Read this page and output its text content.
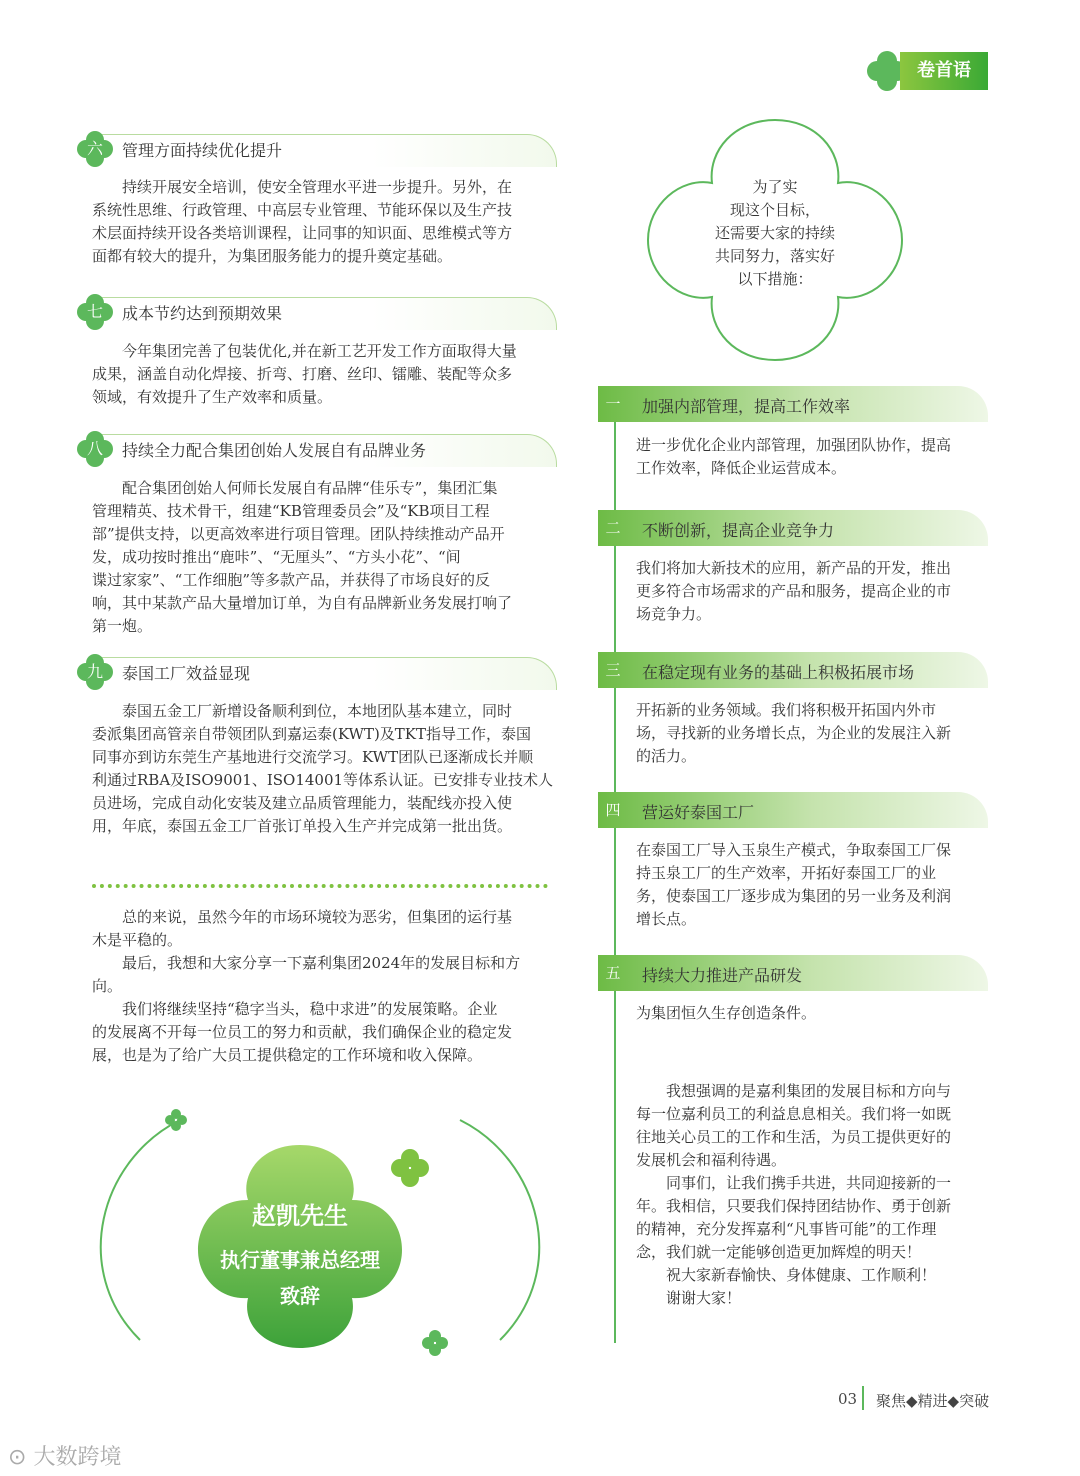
卷首语
六	管理方面持续优化提升
持续开展安全培训，使安全管理水平进一步提升。另外，在
系统性思维、行政管理、中高层专业管理、节能环保以及生产技
术层面持续开设各类培训课程，让同事的知识面、思维模式等方
面都有较大的提升，为集团服务能力的提升奠定基础。
七	成本节约达到预期效果
今年集团完善了包装优化,并在新工艺开发工作方面取得大量
成果，涵盖自动化焊接、折弯、打磨、丝印、镭雕、装配等众多
领域，有效提升了生产效率和质量。
八	持续全力配合集团创始人发展自有品牌业务
配合集团创始人何师长发展自有品牌“佳乐专”，集团汇集
管理精英、技术骨干，组建“KB管理委员会”及“KB项目工程
部”提供支持，以更高效率进行项目管理。团队持续推动产品开
发，成功按时推出“鹿咔”、“无厘头”、“方头小花”、“间
谍过家家”、“工作细胞”等多款产品，并获得了市场良好的反
响，其中某款产品大量增加订单，为自有品牌新业务发展打响了
第一炮。
九	泰国工厂效益显现
泰国五金工厂新增设备顺利到位，本地团队基本建立，同时
委派集团高管亲自带领团队到嘉运泰(KWT)及TKT指导工作，泰国
同事亦到访东莞生产基地进行交流学习。KWT团队已逐渐成长并顺
利通过RBA及ISO9001、ISO14001等体系认证。已安排专业技术人
员进场，完成自动化安装及建立品质管理能力，装配线亦投入使
用，年底，泰国五金工厂首张订单投入生产并完成第一批出货。
总的来说，虽然今年的市场环境较为恶劣，但集团的运行基
木是平稳的。
最后，我想和大家分享一下嘉利集团2024年的发展目标和方
向。
我们将继续坚持“稳字当头，稳中求进”的发展策略。企业
的发展离不开每一位员工的努力和贡献，我们确保企业的稳定发
展，也是为了给广大员工提供稳定的工作环境和收入保障。
为了实
现这个目标，
还需要大家的持续
共同努力，落实好
以下措施：
一	加强内部管理，提高工作效率
进一步优化企业内部管理，加强团队协作，提高
工作效率，降低企业运营成本。
二	不断创新，提高企业竞争力
我们将加大新技术的应用，新产品的开发，推出
更多符合市场需求的产品和服务，提高企业的市
场竞争力。
三	在稳定现有业务的基础上积极拓展市场
开拓新的业务领域。我们将积极开拓国内外市
场，寻找新的业务增长点，为企业的发展注入新
的活力。
四	营运好泰国工厂
在泰国工厂导入玉泉生产模式，争取泰国工厂保
持玉泉工厂的生产效率，开拓好泰国工厂的业
务，使泰国工厂逐步成为集团的另一业务及利润
增长点。
五	持续大力推进产品研发
为集团恒久生存创造条件。
我想强调的是嘉利集团的发展目标和方向与
每一位嘉利员工的利益息息相关。我们将一如既
往地关心员工的工作和生活，为员工提供更好的
发展机会和福利待遇。
同事们，让我们携手共进，共同迎接新的一
年。我相信，只要我们保持团结协作、勇于创新
的精神，充分发挥嘉利“凡事皆可能”的工作理
念，我们就一定能够创造更加辉煌的明天！
祝大家新春愉快、身体健康、工作顺利！
谢谢大家！
赵凯先生
执行董事兼总经理
致辞
03 聚焦◆精进◆突破
⊙ 大数跨境
